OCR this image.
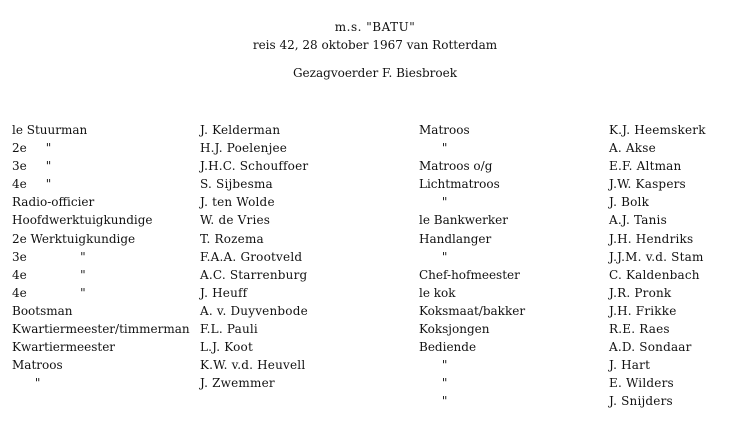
m.s. "BATU"
reis 42, 28 oktober 1967 van Rotterdam
Gezagvoerder F. Biesbroek
le Stuurman
2e     "
3e     "
4e     "
Radio-officier
Hoofdwerktuigkundige
2e Werktuigkundige
3e              "
4e              "
4e              "
Bootsman
Kwartiermeester/timmerman
Kwartiermeester
Matroos
"
J. Kelderman
H.J. Poelenjee
J.H.C. Schouffoer
S. Sijbesma
J. ten Wolde
W. de Vries
T. Rozema
F.A.A. Grootveld
A.C. Starrenburg
J. Heuff
A. v. Duyvenbode
F.L. Pauli
L.J. Koot
K.W. v.d. Heuvell
J. Zwemmer
Matroos
"
Matroos o/g
Lichtmatroos
"
le Bankwerker
Handlanger
"
Chef-hofmeester
le kok
Koksmaat/bakker
Koksjongen
Bediende
"
"
"
K.J. Heemskerk
A. Akse
E.F. Altman
J.W. Kaspers
J. Bolk
A.J. Tanis
J.H. Hendriks
J.J.M. v.d. Stam
C. Kaldenbach
J.R. Pronk
J.H. Frikke
R.E. Raes
A.D. Sondaar
J. Hart
E. Wilders
J. Snijders
